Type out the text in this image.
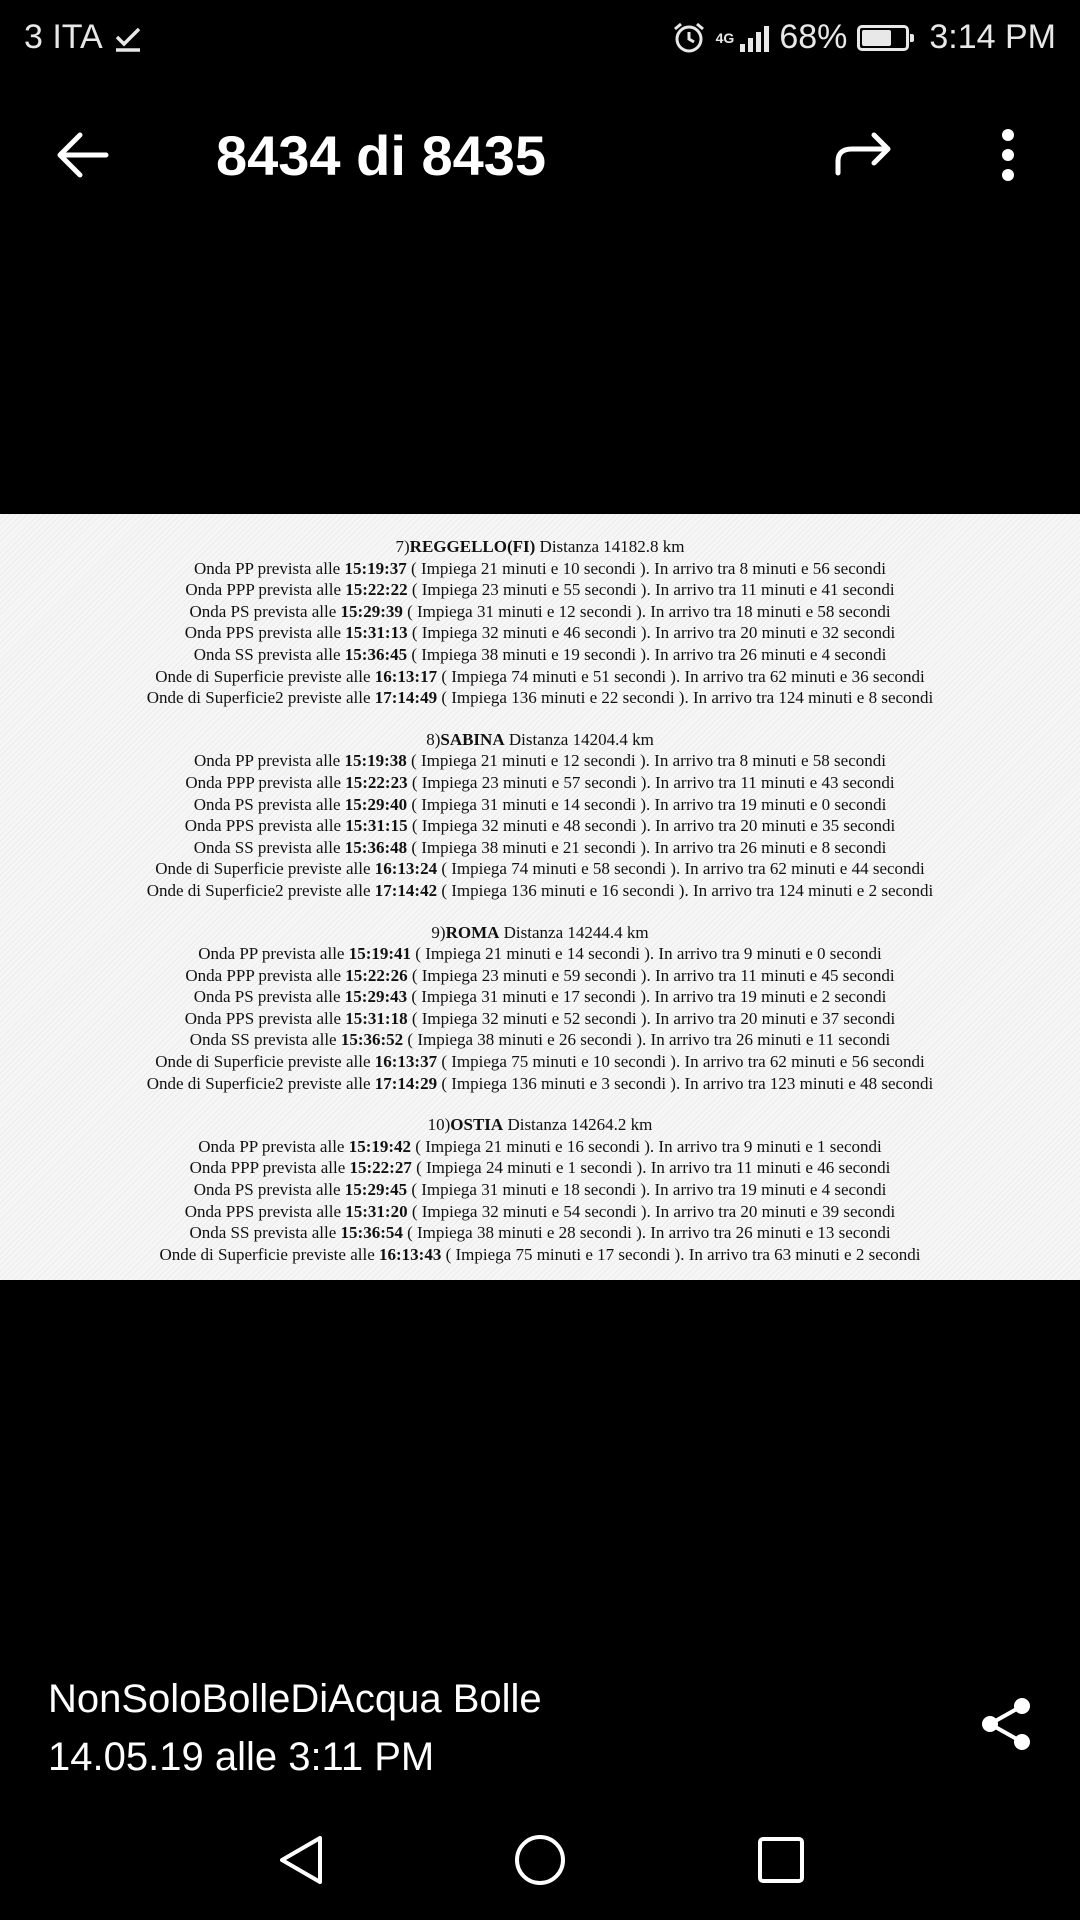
3 ITA	4G 68% 3:14 PM
8434 di 8435
7)REGGELLO(FI) Distanza 14182.8 km
Onda PP prevista alle 15:19:37 ( Impiega 21 minuti e 10 secondi ). In arrivo tra 8 minuti e 56 secondi
Onda PPP prevista alle 15:22:22 ( Impiega 23 minuti e 55 secondi ). In arrivo tra 11 minuti e 41 secondi
Onda PS prevista alle 15:29:39 ( Impiega 31 minuti e 12 secondi ). In arrivo tra 18 minuti e 58 secondi
Onda PPS prevista alle 15:31:13 ( Impiega 32 minuti e 46 secondi ). In arrivo tra 20 minuti e 32 secondi
Onda SS prevista alle 15:36:45 ( Impiega 38 minuti e 19 secondi ). In arrivo tra 26 minuti e 4 secondi
Onde di Superficie previste alle 16:13:17 ( Impiega 74 minuti e 51 secondi ). In arrivo tra 62 minuti e 36 secondi
Onde di Superficie2 previste alle 17:14:49 ( Impiega 136 minuti e 22 secondi ). In arrivo tra 124 minuti e 8 secondi
8)SABINA Distanza 14204.4 km
Onda PP prevista alle 15:19:38 ( Impiega 21 minuti e 12 secondi ). In arrivo tra 8 minuti e 58 secondi
Onda PPP prevista alle 15:22:23 ( Impiega 23 minuti e 57 secondi ). In arrivo tra 11 minuti e 43 secondi
Onda PS prevista alle 15:29:40 ( Impiega 31 minuti e 14 secondi ). In arrivo tra 19 minuti e 0 secondi
Onda PPS prevista alle 15:31:15 ( Impiega 32 minuti e 48 secondi ). In arrivo tra 20 minuti e 35 secondi
Onda SS prevista alle 15:36:48 ( Impiega 38 minuti e 21 secondi ). In arrivo tra 26 minuti e 8 secondi
Onde di Superficie previste alle 16:13:24 ( Impiega 74 minuti e 58 secondi ). In arrivo tra 62 minuti e 44 secondi
Onde di Superficie2 previste alle 17:14:42 ( Impiega 136 minuti e 16 secondi ). In arrivo tra 124 minuti e 2 secondi
9)ROMA Distanza 14244.4 km
Onda PP prevista alle 15:19:41 ( Impiega 21 minuti e 14 secondi ). In arrivo tra 9 minuti e 0 secondi
Onda PPP prevista alle 15:22:26 ( Impiega 23 minuti e 59 secondi ). In arrivo tra 11 minuti e 45 secondi
Onda PS prevista alle 15:29:43 ( Impiega 31 minuti e 17 secondi ). In arrivo tra 19 minuti e 2 secondi
Onda PPS prevista alle 15:31:18 ( Impiega 32 minuti e 52 secondi ). In arrivo tra 20 minuti e 37 secondi
Onda SS prevista alle 15:36:52 ( Impiega 38 minuti e 26 secondi ). In arrivo tra 26 minuti e 11 secondi
Onde di Superficie previste alle 16:13:37 ( Impiega 75 minuti e 10 secondi ). In arrivo tra 62 minuti e 56 secondi
Onde di Superficie2 previste alle 17:14:29 ( Impiega 136 minuti e 3 secondi ). In arrivo tra 123 minuti e 48 secondi
10)OSTIA Distanza 14264.2 km
Onda PP prevista alle 15:19:42 ( Impiega 21 minuti e 16 secondi ). In arrivo tra 9 minuti e 1 secondi
Onda PPP prevista alle 15:22:27 ( Impiega 24 minuti e 1 secondi ). In arrivo tra 11 minuti e 46 secondi
Onda PS prevista alle 15:29:45 ( Impiega 31 minuti e 18 secondi ). In arrivo tra 19 minuti e 4 secondi
Onda PPS prevista alle 15:31:20 ( Impiega 32 minuti e 54 secondi ). In arrivo tra 20 minuti e 39 secondi
Onda SS prevista alle 15:36:54 ( Impiega 38 minuti e 28 secondi ). In arrivo tra 26 minuti e 13 secondi
Onde di Superficie previste alle 16:13:43 ( Impiega 75 minuti e 17 secondi ). In arrivo tra 63 minuti e 2 secondi
NonSoloBolleDiAcqua Bolle
14.05.19 alle 3:11 PM
